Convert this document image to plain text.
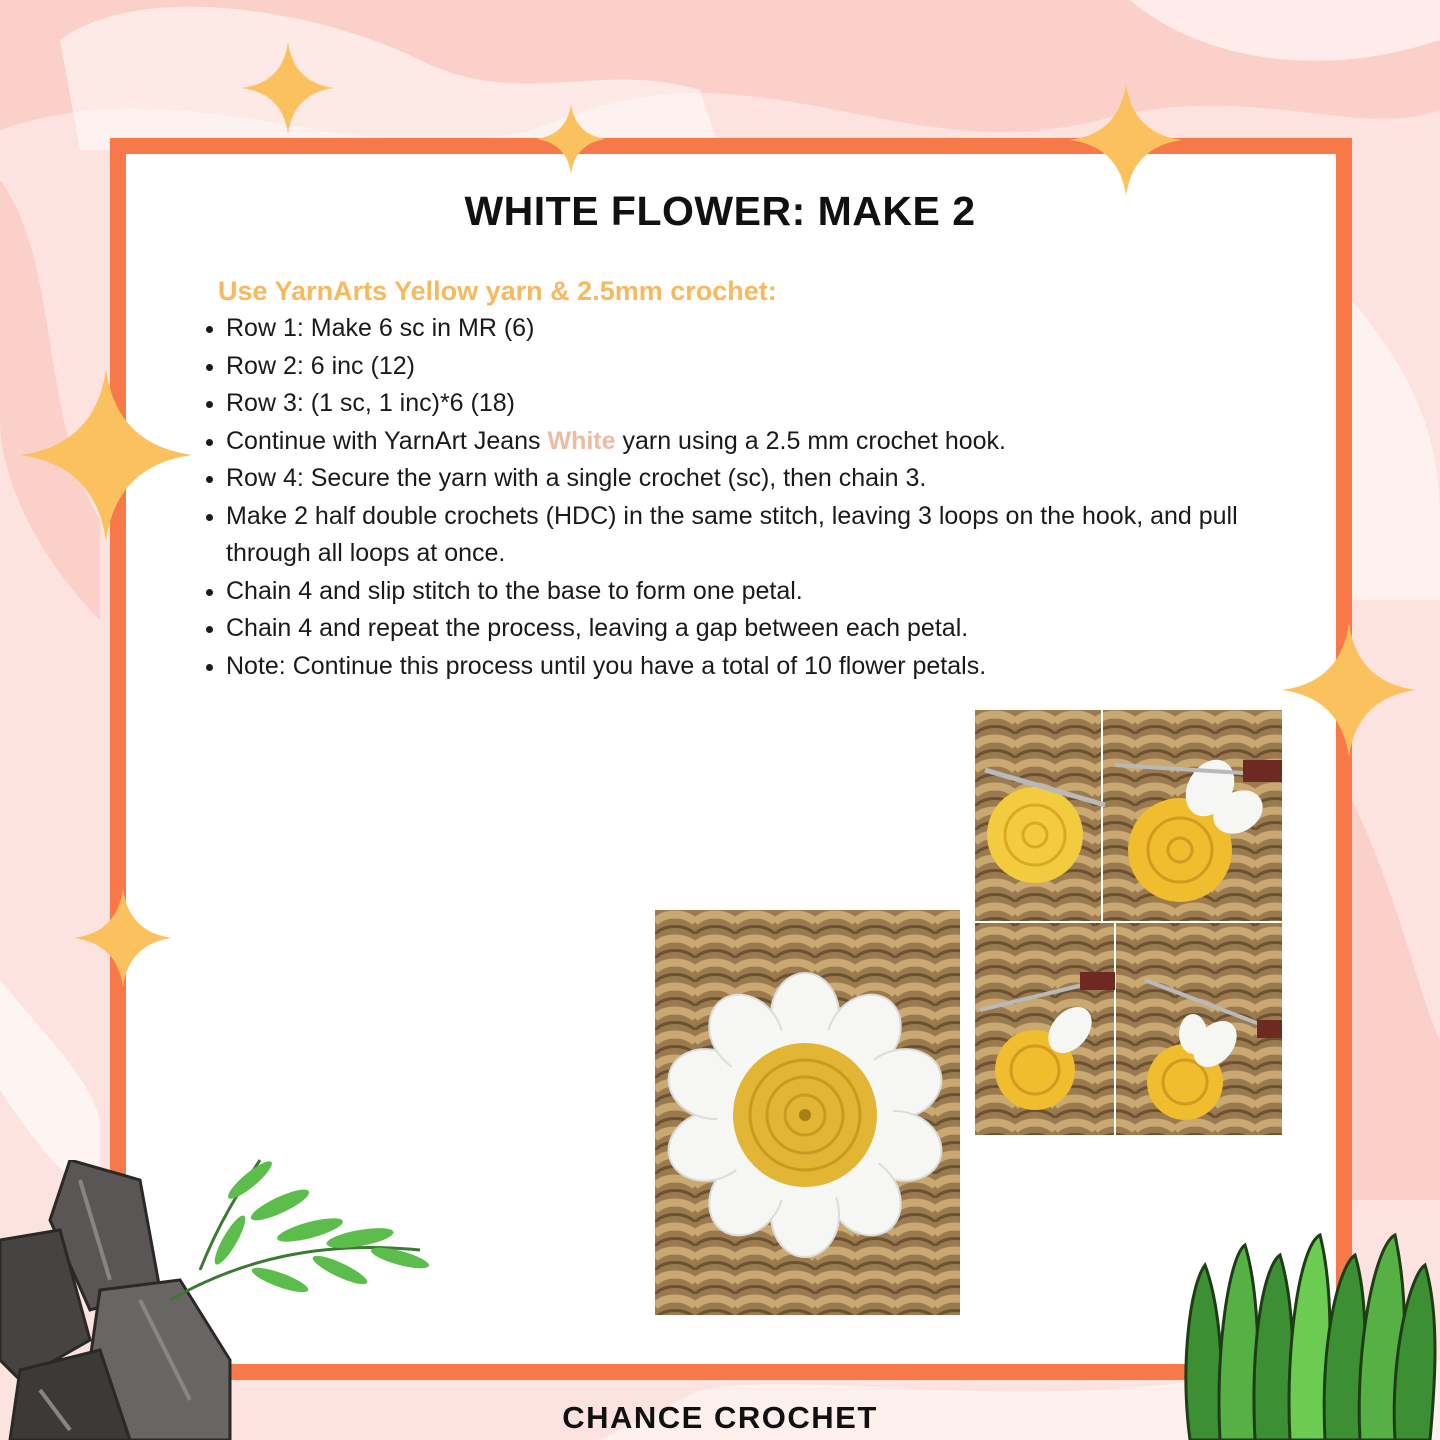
WHITE FLOWER: MAKE 2
Use YarnArts Yellow yarn & 2.5mm crochet:
Row 1: Make 6 sc in MR (6)
Row 2: 6 inc (12)
Row 3: (1 sc, 1 inc)*6 (18)
Continue with YarnArt Jeans White yarn using a 2.5 mm crochet hook.
Row 4: Secure the yarn with a single crochet (sc), then chain 3.
Make 2 half double crochets (HDC) in the same stitch, leaving 3 loops on the hook, and pull through all loops at once.
Chain 4 and slip stitch to the base to form one petal.
Chain 4 and repeat the process, leaving a gap between each petal.
Note: Continue this process until you have a total of 10 flower petals.
CHANCE CROCHET
